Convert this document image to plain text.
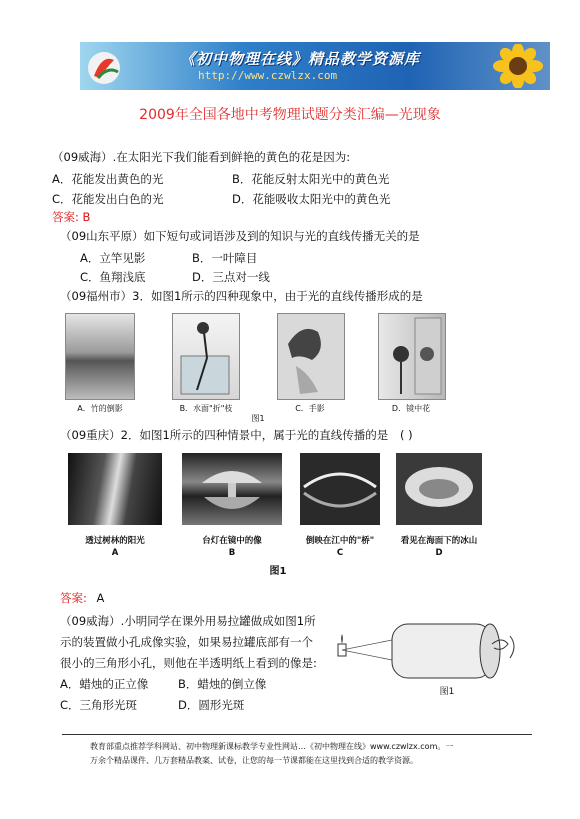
《初中物理在线》精品教学资源库
http://www.czwlzx.com
2009年全国各地中考物理试题分类汇编—光现象
（09威海）.在太阳光下我们能看到鲜艳的黄色的花是因为:
A．花能发出黄色的光	B．花能反射太阳光中的黄色光
C．花能发出白色的光	D．花能吸收太阳光中的黄色光
答案: B
（09山东平原）如下短句或词语涉及到的知识与光的直线传播无关的是
A．立竿见影	B．一叶障目
C．鱼翔浅底	D．三点对一线
（09福州市）3．如图1所示的四种现象中，由于光的直线传播形成的是
A．竹的倒影	B．水面"折"枝	C．手影	D．镜中花
图1
（09重庆）2．如图1所示的四种情景中，属于光的直线传播的是 ( )
透过树林的阳光	台灯在镜中的像	倒映在江中的"桥"	看见在海面下的冰山
A	B	C	D
图1
答案: A
（09威海）.小明同学在课外用易拉罐做成如图1所
示的装置做小孔成像实验，如果易拉罐底部有一个
很小的三角形小孔，则他在半透明纸上看到的像是:
A．蜡烛的正立像	B．蜡烛的倒立像
C．三角形光斑	D．圆形光斑
图1
教育部重点推荐学科网站、初中物理新课标教学专业性网站…《初中物理在线》www.czwlzx.com。一
万余个精品课件、几万套精品教案、试卷，让您的每一节课都能在这里找到合适的教学资源。
